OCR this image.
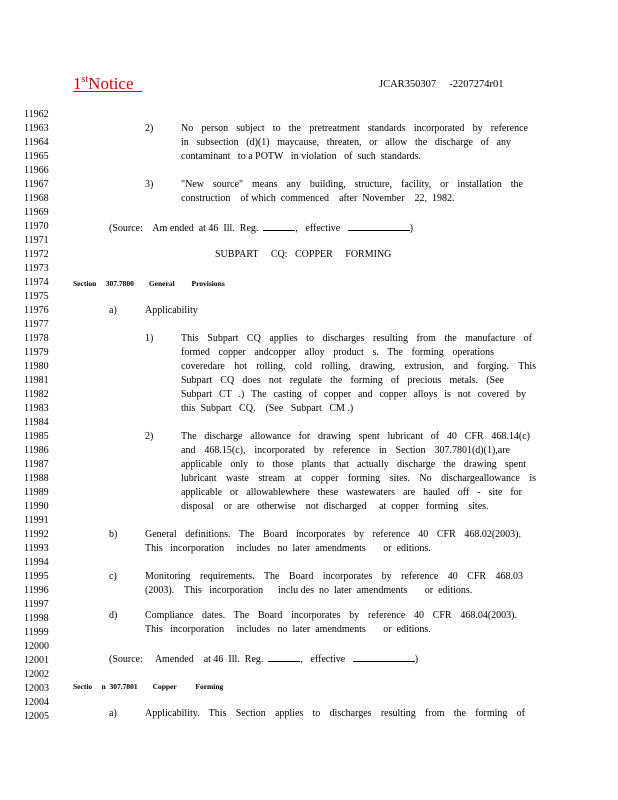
1stNotice	JCAR350307     -2207274r01
11962
11963
11964
11965
11966
11967
11968
11969
11970
11971
11972
11973
11974
11975
11976
11977
11978
11979
11980
11981
11982
11983
11984
11985
11986
11987
11988
11989
11990
11991
11992
11993
11994
11995
11996
11997
11998
11999
12000
12001
12002
12003
12004
12005
2)	No person subject to the pretreatment standards incorporated by reference
in subsection (d)(1) maycause, threaten, or allow the discharge of any
contaminant   to a POTW   in violation   of  such  standards.
3)	"New source" means any building, structure, facility, or installation the
construction    of which  commenced    after  November    22,  1982.
(Source:    Am ended  at 46  Ill.  Reg.	,   effective	)
SUBPART     CQ:   COPPER     FORMING
Section     307.7800        General         Provisions
a)	Applicability
1)	This Subpart CQ applies to discharges resulting from the manufacture of
formed copper andcopper alloy product s. The forming operations
coveredare hot rolling, cold rolling, drawing, extrusion, and forging. This
Subpart CQ does not regulate the forming of precious metals. (See
Subpart CT .) The casting of copper and copper alloys is not covered by
this  Subpart   CQ.    (See   Subpart   CM .)
2)	The discharge allowance for drawing spent lubricant of 40 CFR 468.14(c)
and 468.15(c), incorporated by reference in Section 307.7801(d)(1),are
applicable only to those plants that actually discharge the drawing spent
lubricant waste stream at copper forming sites. No dischargeallowance is
applicable or allowablewhere these wastewaters are hauled off - site for
disposal    or  are   otherwise    not  discharged     at  copper   forming    sites.
b)	General definitions. The Board incorporates by reference 40 CFR 468.02(2003).
This   incorporation     includes   no  later  amendments       or  editions.
c)	Monitoring requirements. The Board incorporates by reference 40 CFR 468.03
(2003).    This   incorporation      inclu des  no  later  amendments       or  editions.
d)	Compliance dates. The Board incorporates by reference 40 CFR 468.04(2003).
This   incorporation     includes   no  later  amendments       or  editions.
(Source:     Amended    at 46  Ill.  Reg.	,   effective	)
Sectio     n  307.7801        Copper          Forming
a)	Applicability. This Section applies to discharges resulting from the forming of
